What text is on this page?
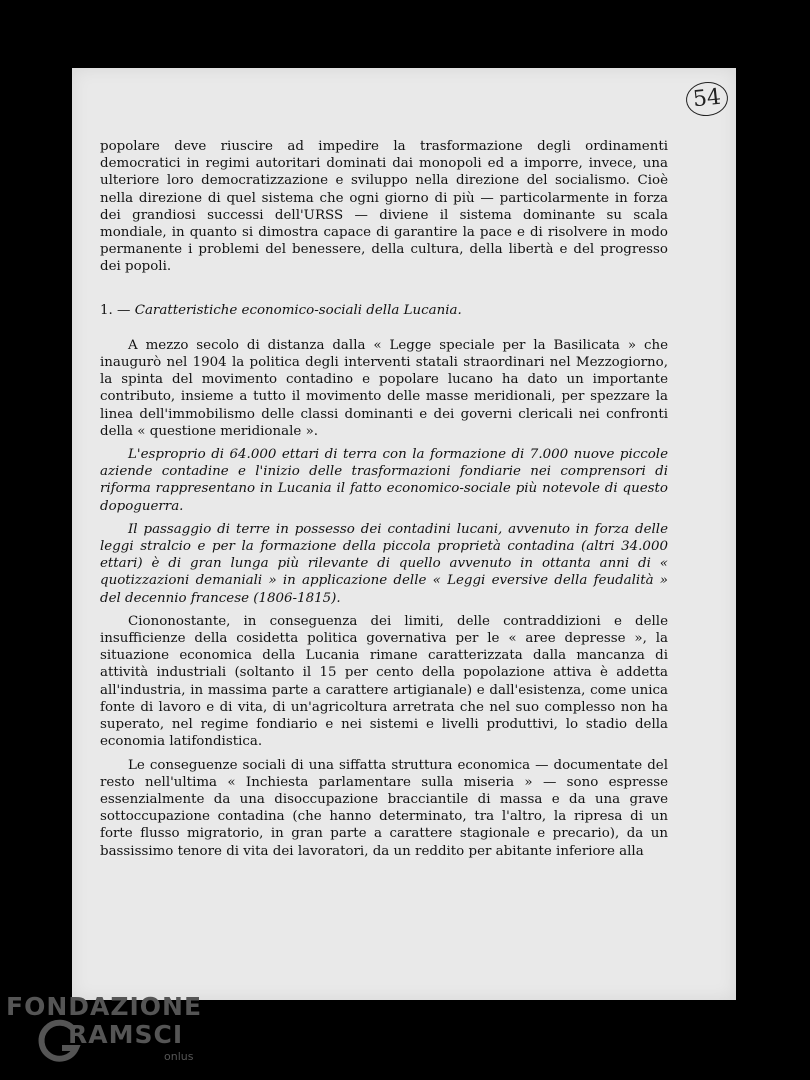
54

popolare deve riuscire ad impedire la trasformazione degli ordinamenti democratici in regimi autoritari dominati dai monopoli ed a imporre, invece, una ulteriore loro democratizzazione e sviluppo nella direzione del socialismo. Cioè nella direzione di quel sistema che ogni giorno di più — particolarmente in forza dei grandiosi successi dell'URSS — diviene il sistema dominante su scala mondiale, in quanto si dimostra capace di garantire la pace e di risolvere in modo permanente i problemi del benessere, della cultura, della libertà e del progresso dei popoli.

1. — Caratteristiche economico-sociali della Lucania.

A mezzo secolo di distanza dalla « Legge speciale per la Basilicata » che inaugurò nel 1904 la politica degli interventi statali straordinari nel Mezzogiorno, la spinta del movimento contadino e popolare lucano ha dato un importante contributo, insieme a tutto il movimento delle masse meridionali, per spezzare la linea dell'immobilismo delle classi dominanti e dei governi clericali nei confronti della « questione meridionale ».

L'esproprio di 64.000 ettari di terra con la formazione di 7.000 nuove piccole aziende contadine e l'inizio delle trasformazioni fondiarie nei comprensori di riforma rappresentano in Lucania il fatto economico-sociale più notevole di questo dopoguerra.

Il passaggio di terre in possesso dei contadini lucani, avvenuto in forza delle leggi stralcio e per la formazione della piccola proprietà contadina (altri 34.000 ettari) è di gran lunga più rilevante di quello avvenuto in ottanta anni di « quotizzazioni demaniali » in applicazione delle « Leggi eversive della feudalità » del decennio francese (1806-1815).

Ciononostante, in conseguenza dei limiti, delle contraddizioni e delle insufficienze della cosidetta politica governativa per le « aree depresse », la situazione economica della Lucania rimane caratterizzata dalla mancanza di attività industriali (soltanto il 15 per cento della popolazione attiva è addetta all'industria, in massima parte a carattere artigianale) e dall'esistenza, come unica fonte di lavoro e di vita, di un'agricoltura arretrata che nel suo complesso non ha superato, nel regime fondiario e nei sistemi e livelli produttivi, lo stadio della economia latifondistica.

Le conseguenze sociali di una siffatta struttura economica — documentate del resto nell'ultima « Inchiesta parlamentare sulla miseria » — sono espresse essenzialmente da una disoccupazione bracciantile di massa e da una grave sottoccupazione contadina (che hanno determinato, tra l'altro, la ripresa di un forte flusso migratorio, in gran parte a carattere stagionale e precario), da un bassissimo tenore di vita dei lavoratori, da un reddito per abitante inferiore alla

FONDAZIONE
RAMSCI
onlus
